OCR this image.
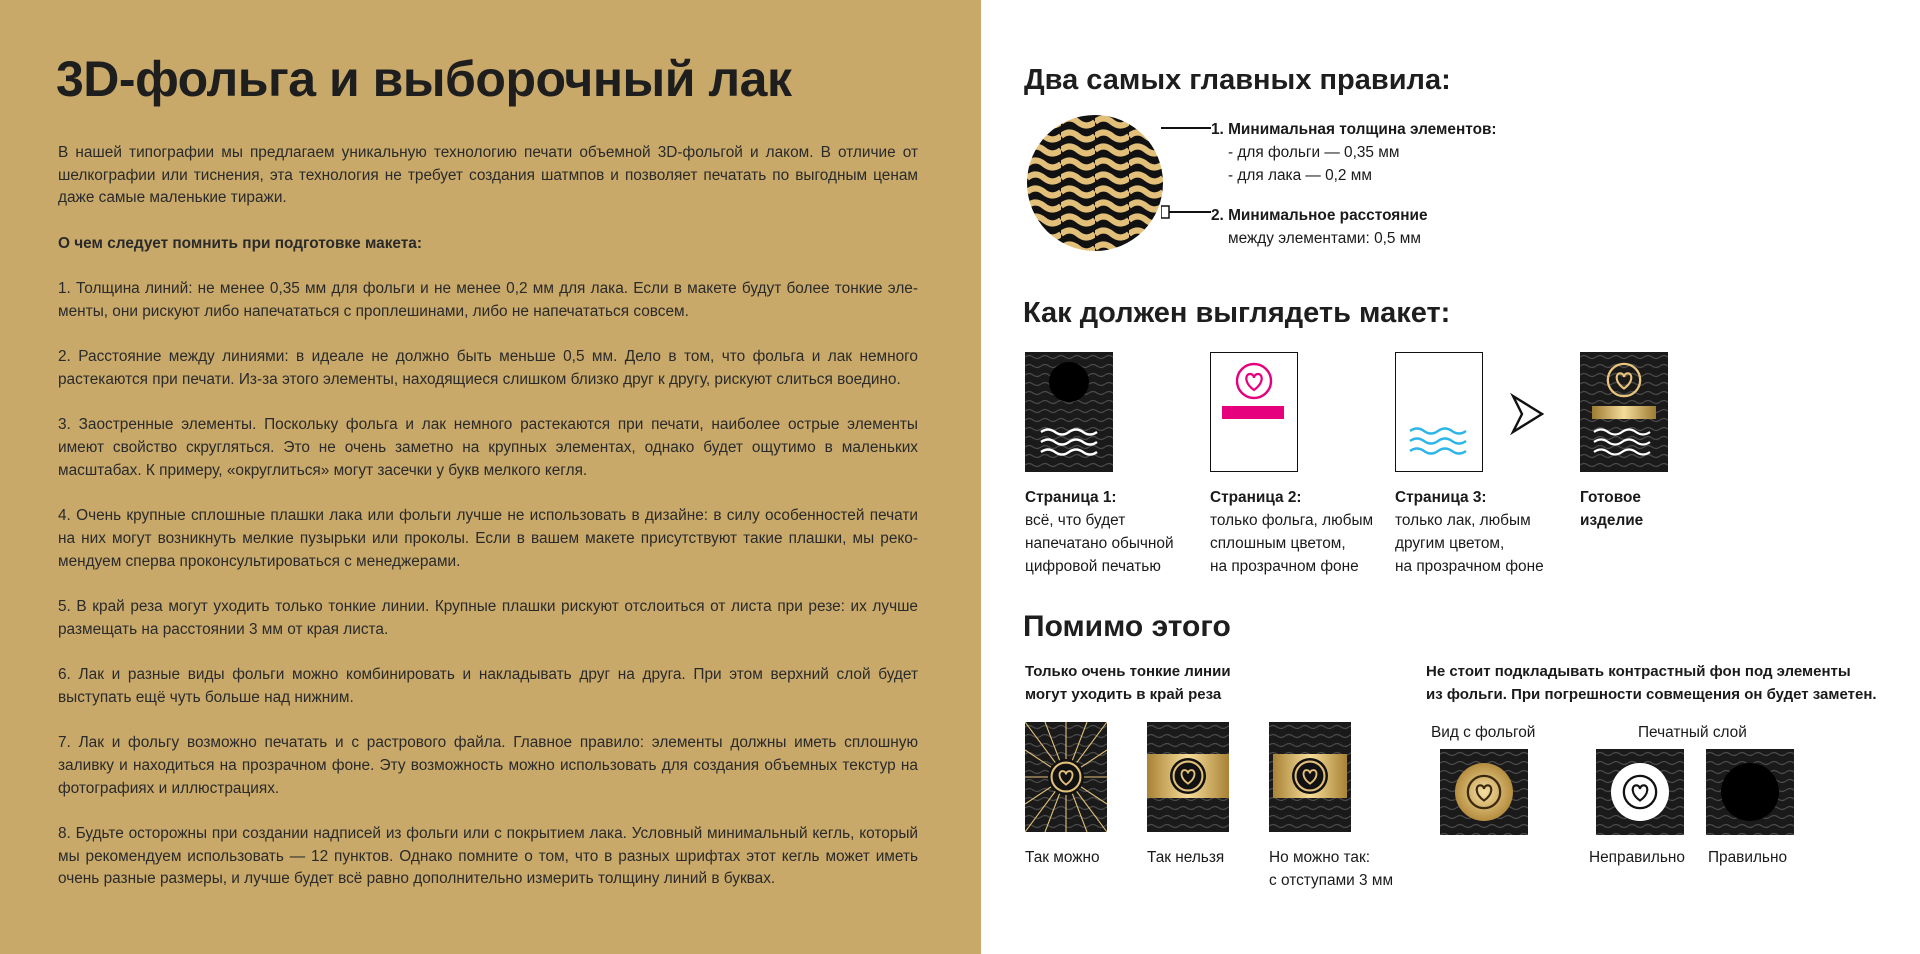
3D-фольга и выборочный лак

В нашей типографии мы предлагаем уникальную технологию печати объемной 3D-фольгой и лаком. В отличие от шелкографии или тиснения, эта технология не требует создания шатмпов и позволяет печатать по выгодным ценам даже самые маленькие тиражи.

О чем следует помнить при подготовке макета:

1. Толщина линий: не менее 0,35 мм для фольги и не менее 0,2 мм для лака. Если в макете будут более тонкие элементы, они рискуют либо напечататься с проплешинами, либо не напечататься совсем.

2. Расстояние между линиями: в идеале не должно быть меньше 0,5 мм. Дело в том, что фольга и лак немного растекаются при печати. Из-за этого элементы, находящиеся слишком близко друг к другу, рискуют слиться воедино.

3. Заостренные элементы. Поскольку фольга и лак немного растекаются при печати, наиболее острые элементы имеют свойство скругляться. Это не очень заметно на крупных элементах, однако будет ощутимо в маленьких масштабах. К примеру, «округлиться» могут засечки у букв мелкого кегля.

4. Очень крупные сплошные плашки лака или фольги лучше не использовать в дизайне: в силу особенностей печати на них могут возникнуть мелкие пузырьки или проколы. Если в вашем макете присутствуют такие плашки, мы рекомендуем сперва проконсультироваться с менеджерами.

5. В край реза могут уходить только тонкие линии. Крупные плашки рискуют отслоиться от листа при резе: их лучше размещать на расстоянии 3 мм от края листа.

6. Лак и разные виды фольги можно комбинировать и накладывать друг на друга. При этом верхний слой будет выступать ещё чуть больше над нижним.

7. Лак и фольгу возможно печатать и с растрового файла. Главное правило: элементы должны иметь сплошную заливку и находиться на прозрачном фоне. Эту возможность можно использовать для создания объемных текстур на фотографиях и иллюстрациях.

8. Будьте осторожны при создании надписей из фольги или с покрытием лака. Условный минимальный кегль, который мы рекомендуем использовать — 12 пунктов. Однако помните о том, что в разных шрифтах этот кегль может иметь очень разные размеры, и лучше будет всё равно дополнительно измерить толщину линий в буквах.

Два самых главных правила:
1. Минимальная толщина элементов:
- для фольги — 0,35 мм
- для лака — 0,2 мм
2. Минимальное расстояние
между элементами: 0,5 мм
Как должен выглядеть макет:
Страница 1:
всё, что будет
напечатано обычной
цифровой печатью
Страница 2:
только фольга, любым
сплошным цветом,
на прозрачном фоне
Страница 3:
только лак, любым
другим цветом,
на прозрачном фоне
Готовое
изделие
Помимо этого
Только очень тонкие линии
могут уходить в край реза
Не стоит подкладывать контрастный фон под элементы
из фольги. При погрешности совмещения он будет заметен.
Так можно	Так нельзя	Но можно так:
с отступами 3 мм
Вид с фольгой	Печатный слой
Неправильно Правильно
